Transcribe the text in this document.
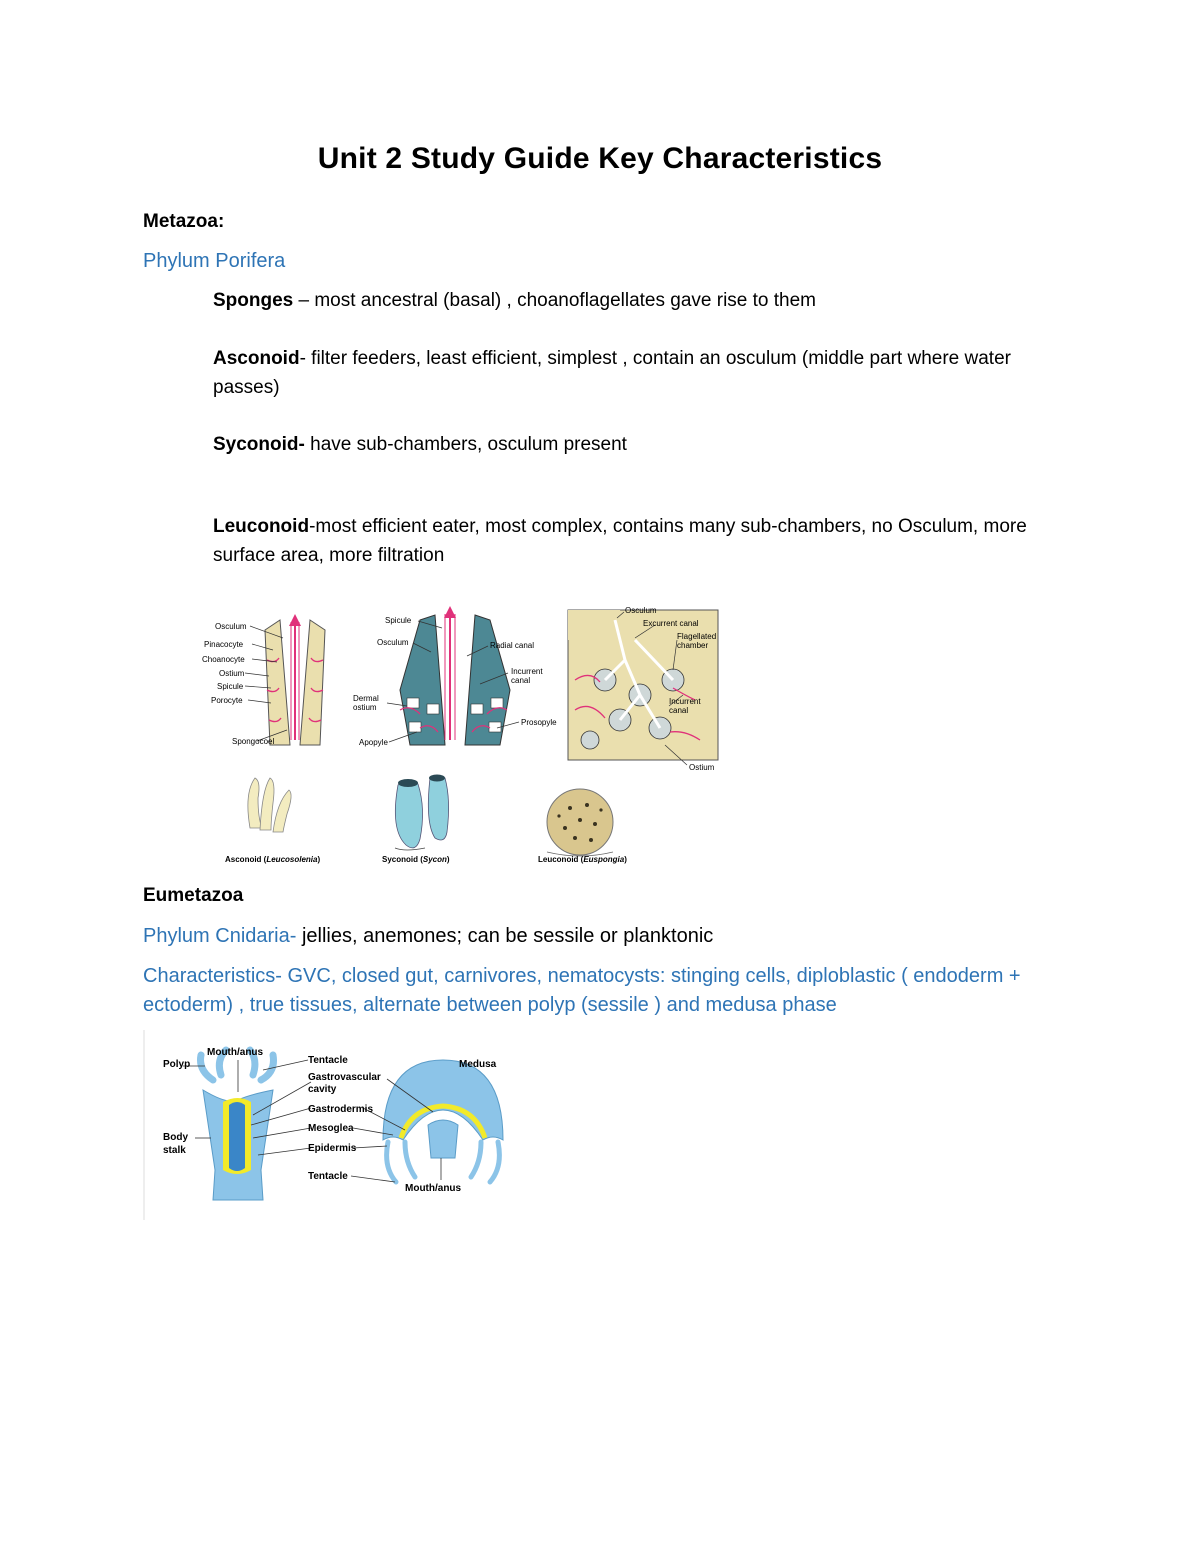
Unit 2 Study Guide Key Characteristics
Metazoa:
Phylum Porifera
Sponges – most ancestral (basal) , choanoflagellates gave rise to them
Asconoid- filter feeders, least efficient, simplest , contain an osculum (middle part where water passes)
Syconoid- have sub-chambers, osculum present
Leuconoid-most efficient eater, most complex, contains many sub-chambers, no Osculum, more surface area, more filtration
Osculum
Pinacocyte
Choanocyte
Ostium
Spicule
Porocyte
Spongocoel
Spicule
Osculum	Radial canal
Incurrent
canal
Dermal
ostium
Prosopyle
Apopyle
Osculum
Excurrent canal
Flagellated
chamber
Incurrent
canal
Ostium
Asconoid (Leucosolenia)	Syconoid (Sycon)	Leuconoid (Euspongia)
Eumetazoa
Phylum Cnidaria- jellies, anemones; can be sessile or planktonic
Characteristics- GVC, closed gut, carnivores, nematocysts: stinging cells, diploblastic ( endoderm + ectoderm) , true tissues, alternate between polyp (sessile ) and medusa phase
Polyp	Medusa
Mouth/anus
Tentacle
Gastrovascular
cavity
Gastrodermis
Mesoglea
Epidermis
Tentacle
Body
stalk
Mouth/anus
